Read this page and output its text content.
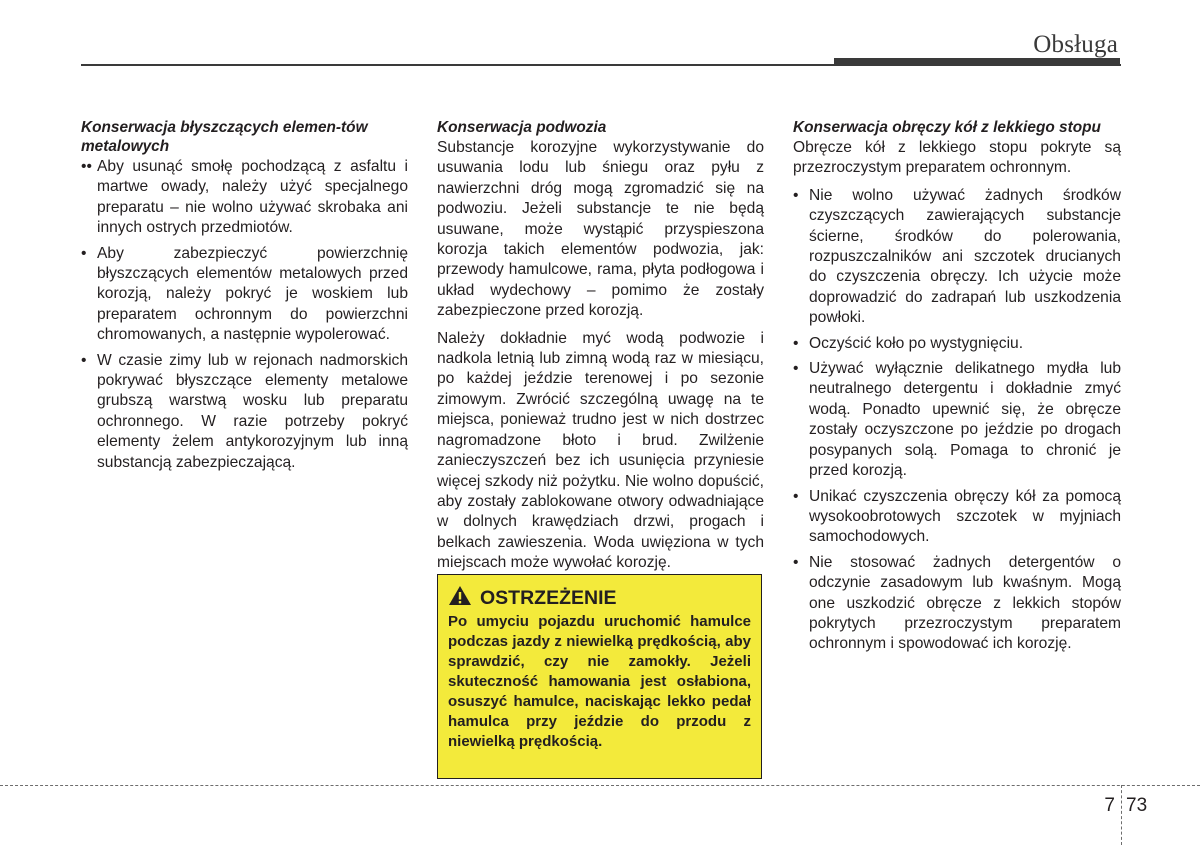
Obsługa
Konserwacja błyszczących elemen-tów metalowych
•• Aby usunąć smołę pochodzącą z asfaltu i martwe owady, należy użyć specjalnego preparatu – nie wolno używać skrobaka ani innych ostrych przedmiotów.
• Aby zabezpieczyć powierzchnię błyszczących elementów metalowych przed korozją, należy pokryć je woskiem lub preparatem ochronnym do powierzchni chromowanych, a następnie wypolerować.
• W czasie zimy lub w rejonach nadmorskich pokrywać błyszczące elementy metalowe grubszą warstwą wosku lub preparatu ochronnego. W razie potrzeby pokryć elementy żelem antykorozyjnym lub inną substancją zabezpieczającą.
Konserwacja podwozia

Substancje korozyjne wykorzystywanie do usuwania lodu lub śniegu oraz pyłu z nawierzchni dróg mogą zgromadzić się na podwoziu. Jeżeli substancje te nie będą usuwane, może wystąpić przyspieszona korozja takich elementów podwozia, jak: przewody hamulcowe, rama, płyta podłogowa i układ wydechowy – pomimo że zostały zabezpieczone przed korozją.

Należy dokładnie myć wodą podwozie i nadkola letnią lub zimną wodą raz w miesiącu, po każdej jeździe terenowej i po sezonie zimowym. Zwrócić szczególną uwagę na te miejsca, ponieważ trudno jest w nich dostrzec nagromadzone błoto i brud. Zwilżenie zanieczyszczeń bez ich usunięcia przyniesie więcej szkody niż pożytku. Nie wolno dopuścić, aby zostały zablokowane otwory odwadniające w dolnych krawędziach drzwi, progach i belkach zawieszenia. Woda uwięziona w tych miejscach może wywołać korozję.

OSTRZEŻENIE
Po umyciu pojazdu uruchomić hamulce podczas jazdy z niewielką prędkością, aby sprawdzić, czy nie zamokły. Jeżeli skuteczność hamowania jest osłabiona, osuszyć hamulce, naciskając lekko pedał hamulca przy jeździe do przodu z niewielką prędkością.
Konserwacja obręczy kół z lekkiego stopu

Obręcze kół z lekkiego stopu pokryte są przezroczystym preparatem ochronnym.

• Nie wolno używać żadnych środków czyszczących zawierających substancje ścierne, środków do polerowania, rozpuszczalników ani szczotek drucianych do czyszczenia obręczy. Ich użycie może doprowadzić do zadrapań lub uszkodzenia powłoki.
• Oczyścić koło po wystygnięciu.
• Używać wyłącznie delikatnego mydła lub neutralnego detergentu i dokładnie zmyć wodą. Ponadto upewnić się, że obręcze zostały oczyszczone po jeździe po drogach posypanych solą. Pomaga to chronić je przed korozją.
• Unikać czyszczenia obręczy kół za pomocą wysokoobrotowych szczotek w myjniach samochodowych.
• Nie stosować żadnych detergentów o odczynie zasadowym lub kwaśnym. Mogą one uszkodzić obręcze z lekkich stopów pokrytych przezroczystym preparatem ochronnym i spowodować ich korozję.
7 73
